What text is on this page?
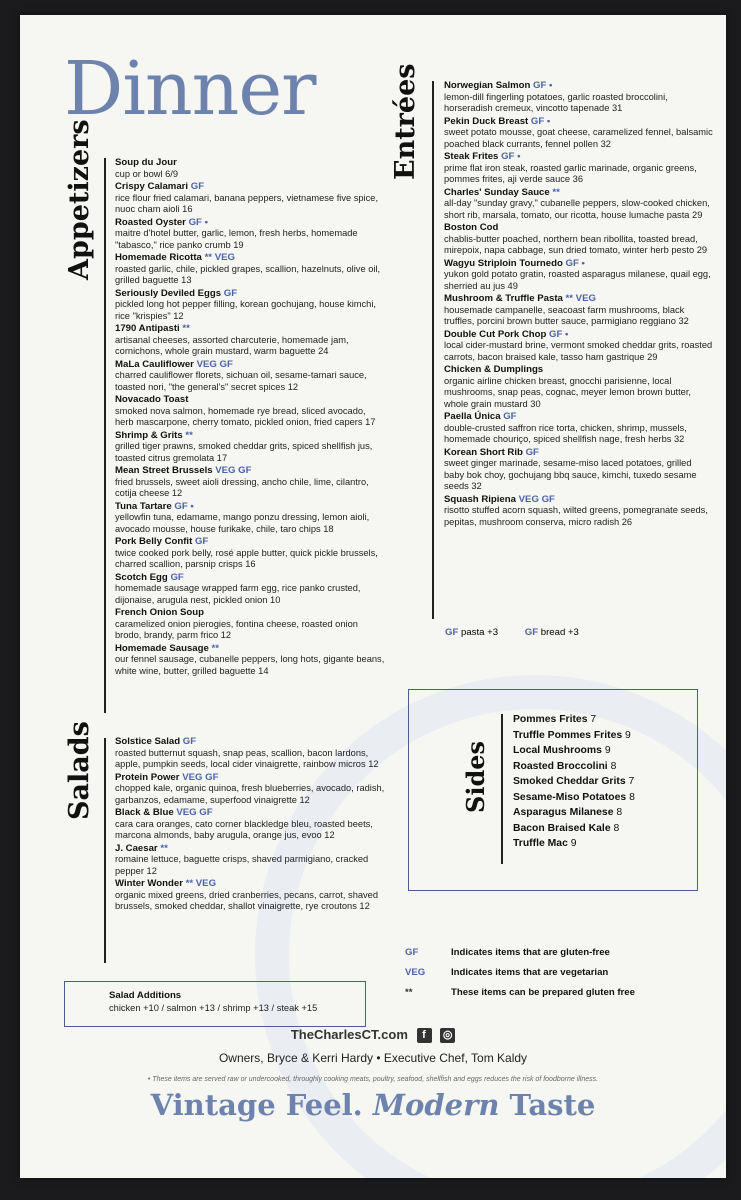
Dinner
Appetizers Soup du Jour
cup or bowl 6/9
Crispy Calamari GF
rice flour fried calamari, banana peppers, vietnamese five spice, nuoc cham aioli 16
Roasted Oyster GF •
maitre d'hotel butter, garlic, lemon, fresh herbs, homemade "tabasco," rice panko crumb 19
Homemade Ricotta ** VEG
roasted garlic, chile, pickled grapes, scallion, hazelnuts, olive oil, grilled baguette 13
Seriously Deviled Eggs GF
pickled long hot pepper filling, korean gochujang, house kimchi, rice "krispies" 12
1790 Antipasti **
artisanal cheeses, assorted charcuterie, homemade jam, cornichons, whole grain mustard, warm baguette 24
MaLa Cauliflower VEG GF
charred cauliflower florets, sichuan oil, sesame-tamari sauce, toasted nori, "the general's" secret spices 12
Novacado Toast
smoked nova salmon, homemade rye bread, sliced avocado, herb mascarpone, cherry tomato, pickled onion, fried capers 17
Shrimp & Grits **
grilled tiger prawns, smoked cheddar grits, spiced shellfish jus, toasted citrus gremolata 17
Mean Street Brussels VEG GF
fried brussels, sweet aioli dressing, ancho chile, lime, cilantro, cotija cheese 12
Tuna Tartare GF •
yellowfin tuna, edamame, mango ponzu dressing, lemon aioli, avocado mousse, house furikake, chile, taro chips 18
Pork Belly Confit GF
twice cooked pork belly, rosé apple butter, quick pickle brussels, charred scallion, parsnip crisps 16
Scotch Egg GF
homemade sausage wrapped farm egg, rice panko crusted, dijonaise, arugula nest, pickled onion 10
French Onion Soup
caramelized onion pierogies, fontina cheese, roasted onion brodo, brandy, parm frico 12
Homemade Sausage **
our fennel sausage, cubanelle peppers, long hots, gigante beans, white wine, butter, grilled baguette 14
Salads Solstice Salad GF
roasted butternut squash, snap peas, scallion, bacon lardons, apple, pumpkin seeds, local cider vinaigrette, rainbow micros 12
Protein Power VEG GF
chopped kale, organic quinoa, fresh blueberries, avocado, radish, garbanzos, edamame, superfood vinaigrette 12
Black & Blue VEG GF
cara cara oranges, cato corner blackledge bleu, roasted beets, marcona almonds, baby arugula, orange jus, evoo 12
J. Caesar **
romaine lettuce, baguette crisps, shaved parmigiano, cracked pepper 12
Winter Wonder ** VEG
organic mixed greens, dried cranberries, pecans, carrot, shaved brussels, smoked cheddar, shallot vinaigrette, rye croutons 12
Salad Additions
chicken +10 / salmon +13 / shrimp +13 / steak +15
Entrées Norwegian Salmon GF •
lemon-dill fingerling potatoes, garlic roasted broccolini, horseradish cremeux, vincotto tapenade 31
Pekin Duck Breast GF •
sweet potato mousse, goat cheese, caramelized fennel, balsamic poached black currants, fennel pollen 32
Steak Frites GF •
prime flat iron steak, roasted garlic marinade, organic greens, pommes frites, aji verde sauce 36
Charles' Sunday Sauce **
all-day "sunday gravy," cubanelle peppers, slow-cooked chicken, short rib, marsala, tomato, our ricotta, house lumache pasta 29
Boston Cod
chablis-butter poached, northern bean ribollita, toasted bread, mirepoix, napa cabbage, sun dried tomato, winter herb pesto 29
Wagyu Striploin Tournedo GF •
yukon gold potato gratin, roasted asparagus milanese, quail egg, sherried au jus 49
Mushroom & Truffle Pasta ** VEG
housemade campanelle, seacoast farm mushrooms, black truffles, porcini brown butter sauce, parmigiano reggiano 32
Double Cut Pork Chop GF •
local cider-mustard brine, vermont smoked cheddar grits, roasted carrots, bacon braised kale, tasso ham gastrique 29
Chicken & Dumplings
organic airline chicken breast, gnocchi parisienne, local mushrooms, snap peas, cognac, meyer lemon brown butter, whole grain mustard 30
Paella Única GF
double-crusted saffron rice torta, chicken, shrimp, mussels, homemade chouriço, spiced shellfish nage, fresh herbs 32
Korean Short Rib GF
sweet ginger marinade, sesame-miso laced potatoes, grilled baby bok choy, gochujang bbq sauce, kimchi, tuxedo sesame seeds 32
Squash Ripiena VEG GF
risotto stuffed acorn squash, wilted greens, pomegranate seeds, pepitas, mushroom conserva, micro radish 26
GF pasta +3	GF bread +3
Sides
Pommes Frites 7
Truffle Pommes Frites 9
Local Mushrooms 9
Roasted Broccolini 8
Smoked Cheddar Grits 7
Sesame-Miso Potatoes 8
Asparagus Milanese 8
Bacon Braised Kale 8
Truffle Mac 9
GF	Indicates items that are gluten-free
VEG	Indicates items that are vegetarian
**	These items can be prepared gluten free
TheCharlesCT.com f ◎
Owners, Bryce & Kerri Hardy • Executive Chef, Tom Kaldy
• These items are served raw or undercooked, throughly cooking meats, poultry, seafood, shellfish and eggs reduces the risk of foodborne illness.
Vintage Feel. Modern Taste
